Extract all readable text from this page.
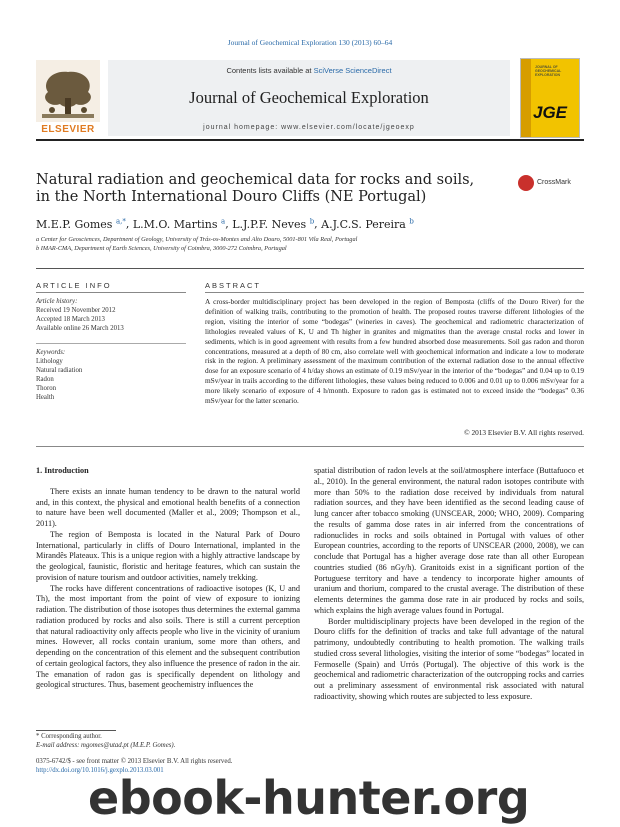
Journal of Geochemical Exploration 130 (2013) 60–64
Contents lists available at SciVerse ScienceDirect
Journal of Geochemical Exploration
journal homepage: www.elsevier.com/locate/jgeoexp
ELSEVIER
JOURNAL OF GEOCHEMICAL EXPLORATION
JGE
Natural radiation and geochemical data for rocks and soils, in the North International Douro Cliffs (NE Portugal)
CrossMark
M.E.P. Gomes $^{a,*}$, L.M.O. Martins $^a$, L.J.P.F. Neves $^b$, A.J.C.S. Pereira $^b$
a Center for Geosciences, Department of Geology, University of Trás-os-Montes and Alto Douro, 5001-801 Vila Real, Portugal
b IMAR-CMA, Department of Earth Sciences, University of Coimbra, 3000-272 Coimbra, Portugal
ARTICLE INFO	ABSTRACT
Article history:
Received 19 November 2012
Accepted 18 March 2013
Available online 26 March 2013
Keywords:
Lithology
Natural radiation
Radon
Thoron
Health
A cross-border multidisciplinary project has been developed in the region of Bemposta (cliffs of the Douro River) for the definition of walking trails, contributing to the promotion of health. The proposed routes traverse different lithologies of the region, visiting the interior of some “bodegas” (wineries in caves). The geochemical and radiometric characterization of lithologies revealed values of K, U and Th higher in granites and migmatites than the average crustal rocks and lower in sediments, which is in good agreement with results from a few hundred absorbed dose measurements. Soil gas radon and thoron concentrations, measured at a depth of 80 cm, also correlate well with geochemical information and indicate a low to moderate risk in the region. A preliminary assessment of the maximum contribution of the external radiation dose to the annual effective dose for an exposure scenario of 4 h/day shows an estimate of 0.19 mSv/year in the interior of the “bodegas” and 0.04 up to 0.19 mSv/year in trails according to the different lithologies, these values being reduced to 0.006 and 0.01 up to 0.006 mSv/year for a more likely scenario of exposure of 4 h/month. Exposure to radon gas is estimated not to exceed inside the “bodegas” 0.36 mSv/year for the latter scenario.
© 2013 Elsevier B.V. All rights reserved.

1. Introduction

There exists an innate human tendency to be drawn to the natural world and, in this context, the physical and emotional health benefits of a connection to nature have been well documented (Maller et al., 2009; Thompson et al., 2011).

The region of Bemposta is located in the Natural Park of Douro International, particularly in cliffs of Douro International, implanted in the Mirandês Plateaux. This is a unique region with a highly attractive landscape by the geological, faunistic, floristic and heritage features, which can sustain the provision of nature tourism and outdoor activities, namely trekking.

The rocks have different concentrations of radioactive isotopes (K, U and Th), the most important from the point of view of exposure to ionizing radiation. The distribution of those isotopes thus determines the external gamma radiation produced by rocks and also soils. There is still a current perception that natural radioactivity only affects people who live in the vicinity of uranium mines. However, all rocks contain uranium, some more than others, and depending on the concentration of this element and the subsequent contribution of certain geological factors, they also influence the presence of radon in the air. The emanation of radon gas is specifically dependent on lithology and geological structures. Thus, basement geochemistry influences the

spatial distribution of radon levels at the soil/atmosphere interface (Buttafuoco et al., 2010). In the general environment, the natural radon isotopes contribute with more than 50% to the radiation dose received by individuals from natural radiation sources, and they have been identified as the second leading cause of lung cancer after tobacco smoking (UNSCEAR, 2000; WHO, 2009). Comparing the results of gamma dose rates in air inferred from the concentrations of radionuclides in rocks and soils obtained in Portugal with values of other European countries, according to the reports of UNSCEAR (2000, 2008), we can conclude that Portugal has a higher average dose rate than all other European countries studied (86 nGy/h). Granitoids exist in a significant portion of the Portuguese territory and have a tendency to incorporate higher amounts of uranium and thorium, compared to the crustal average. The distribution of these elements determines the gamma dose rate in air produced by rocks and soils, which explains the high average values found in Portugal.

Border multidisciplinary projects have been developed in the region of the Douro cliffs for the definition of tracks and take full advantage of the natural patrimony, undoubtedly contributing to health promotion. The walking trails studied cross several lithologies, visiting the interior of some “bodegas” located in Fermoselle (Spain) and Urrós (Portugal). The objective of this work is the geochemical and radiometric characterization of the outcropping rocks and carries out a preliminary assessment of environmental risk associated with natural radioactivity, showing which routes are subjected to less exposure.

* Corresponding author.
E-mail address: mgomes@utad.pt (M.E.P. Gomes).
0375-6742/$ - see front matter © 2013 Elsevier B.V. All rights reserved.
http://dx.doi.org/10.1016/j.gexplo.2013.03.001
ebook-hunter.org
